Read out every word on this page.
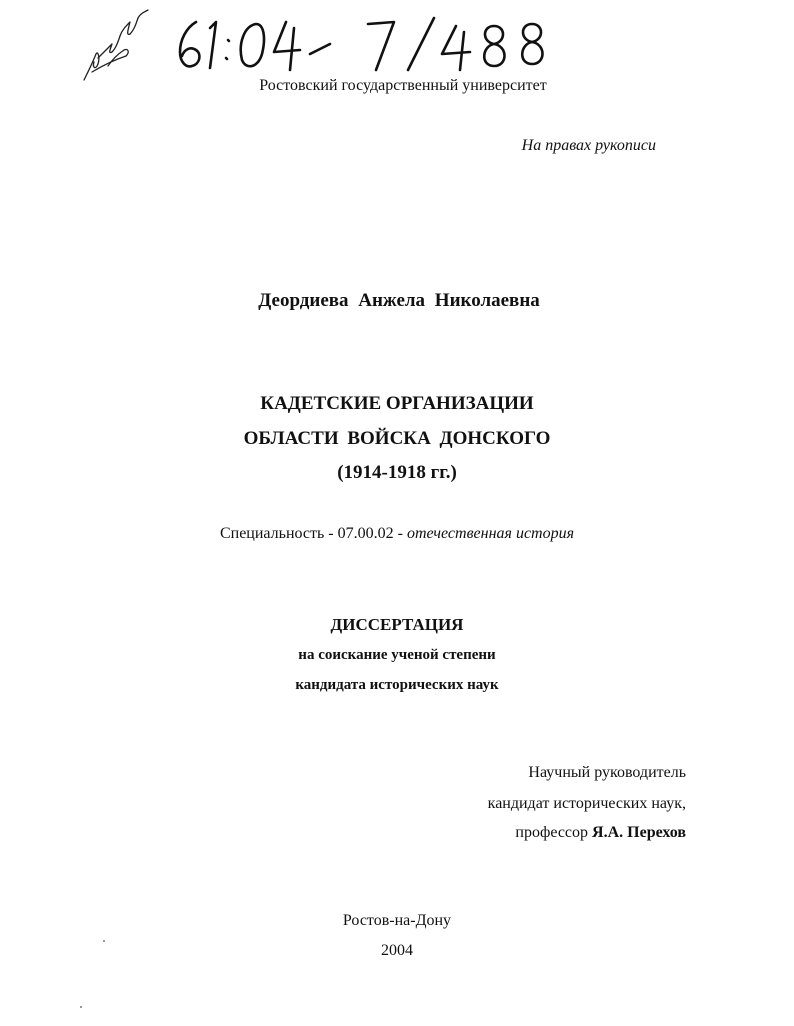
Ростовский государственный университет
На правах рукописи
Деордиева Анжела Николаевна
КАДЕТСКИЕ ОРГАНИЗАЦИИ
ОБЛАСТИ ВОЙСКА ДОНСКОГО
(1914-1918 гг.)
Специальность - 07.00.02 - отечественная история
ДИССЕРТАЦИЯ
на соискание ученой степени
кандидата исторических наук
Научный руководитель
кандидат исторических наук,
профессор Я.А. Перехов
Ростов-на-Дону
2004
